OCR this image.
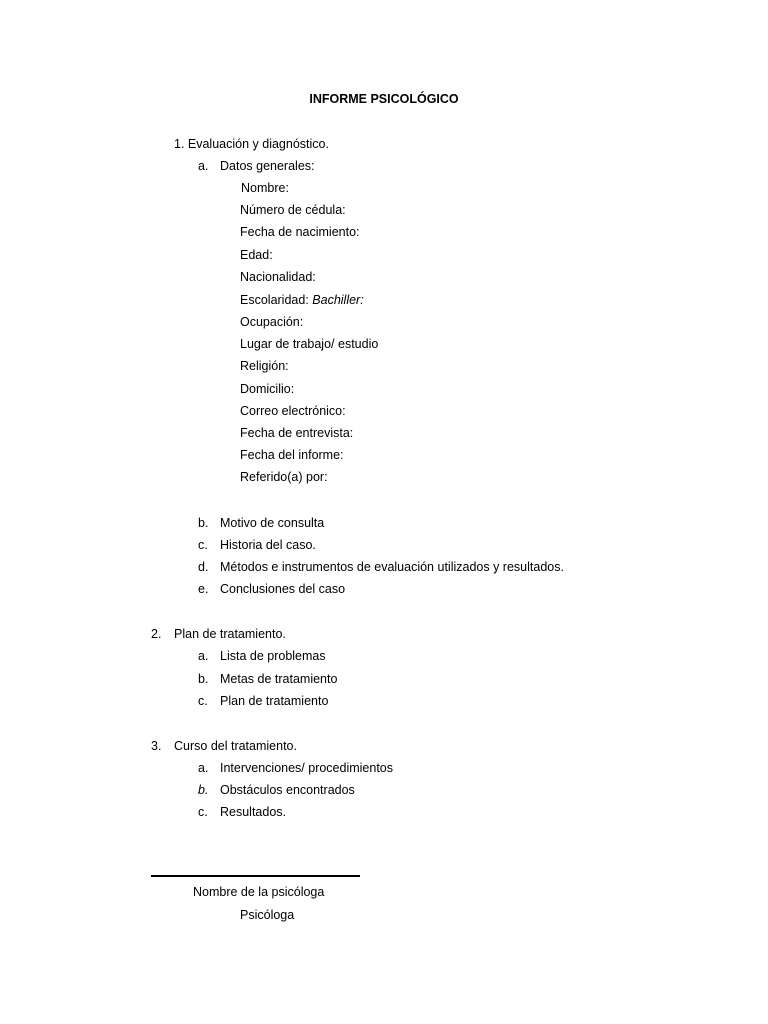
INFORME PSICOLÓGICO
1. Evaluación y diagnóstico.
a. Datos generales:
Nombre:
Número de cédula:
Fecha de nacimiento:
Edad:
Nacionalidad:
Escolaridad: Bachiller:
Ocupación:
Lugar de trabajo/ estudio
Religión:
Domicilio:
Correo electrónico:
Fecha de entrevista:
Fecha del informe:
Referido(a) por:
b. Motivo de consulta
c. Historia del caso.
d. Métodos e instrumentos de evaluación utilizados y resultados.
e. Conclusiones del caso
2. Plan de tratamiento.
a. Lista de problemas
b. Metas de tratamiento
c. Plan de tratamiento
3. Curso del tratamiento.
a. Intervenciones/ procedimientos
b. Obstáculos encontrados
c. Resultados.
Nombre de la psicóloga
Psicóloga
